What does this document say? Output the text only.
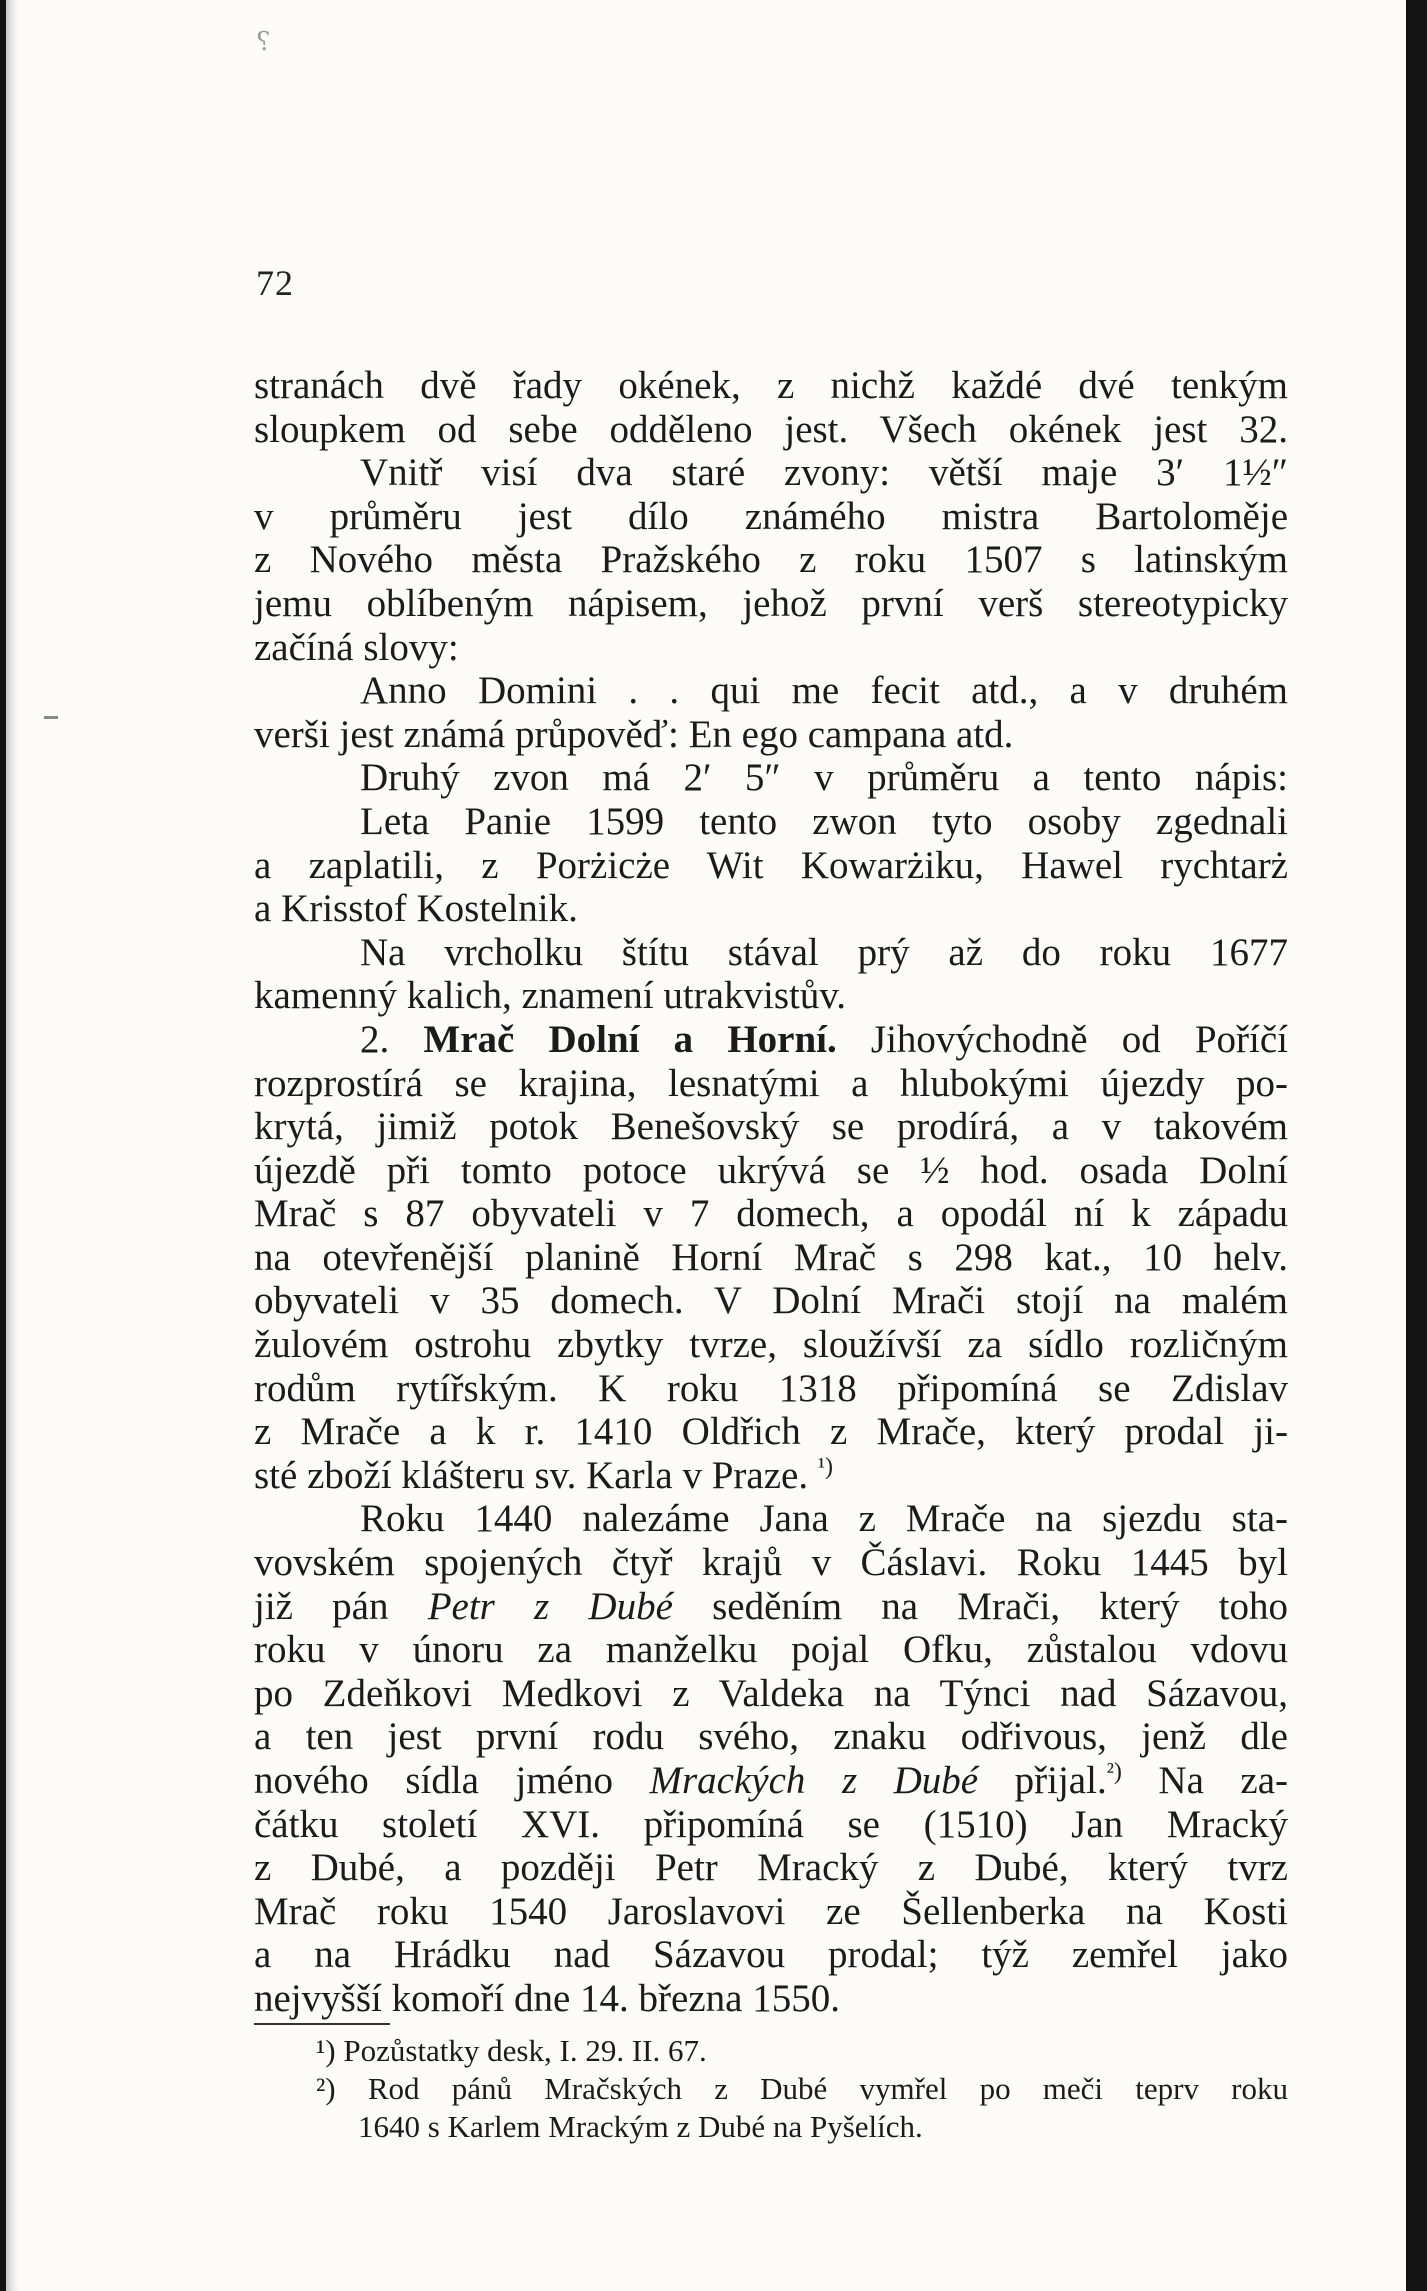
⸮
72
stranách dvě řady okének, z nichž každé dvé tenkým
sloupkem od sebe odděleno jest. Všech okének jest 32.
Vnitř visí dva staré zvony: větší maje 3′ 1½″
v průměru jest dílo známého mistra Bartoloměje
z Nového města Pražského z roku 1507 s latinským
jemu oblíbeným nápisem, jehož první verš stereotypicky
začíná slovy:
Anno Domini . . qui me fecit atd., a v druhém
verši jest známá průpověď: En ego campana atd.
Druhý zvon má 2′ 5″ v průměru a tento nápis:
Leta Panie 1599 tento zwon tyto osoby zgednali
a zaplatili, z Porżicże Wit Kowarżiku, Hawel rychtarż
a Krisstof Kostelnik.
Na vrcholku štítu stával prý až do roku 1677
kamenný kalich, znamení utrakvistův.
2. Mrač Dolní a Horní. Jihovýchodně od Poříčí
rozprostírá se krajina, lesnatými a hlubokými újezdy po-
krytá, jimiž potok Benešovský se prodírá, a v takovém
újezdě při tomto potoce ukrývá se ½ hod. osada Dolní
Mrač s 87 obyvateli v 7 domech, a opodál ní k západu
na otevřenější planině Horní Mrač s 298 kat., 10 helv.
obyvateli v 35 domech. V Dolní Mrači stojí na malém
žulovém ostrohu zbytky tvrze, sloužívší za sídlo rozličným
rodům rytířským. K roku 1318 připomíná se Zdislav
z Mrače a k r. 1410 Oldřich z Mrače, který prodal ji-
sté zboží klášteru sv. Karla v Praze. $^{^1)}$
Roku 1440 nalezáme Jana z Mrače na sjezdu sta-
vovském spojených čtyř krajů v Čáslavi. Roku 1445 byl
již pán Petr z Dubé seděním na Mrači, který toho
roku v únoru za manželku pojal Ofku, zůstalou vdovu
po Zdeňkovi Medkovi z Valdeka na Týnci nad Sázavou,
a ten jest první rodu svého, znaku odřivous, jenž dle
nového sídla jméno Mrackých z Dubé přijal.$^{^2)}$ Na za-
čátku století XVI. připomíná se (1510) Jan Mracký
z Dubé, a později Petr Mracký z Dubé, který tvrz
Mrač roku 1540 Jaroslavovi ze Šellenberka na Kosti
a na Hrádku nad Sázavou prodal; týž zemřel jako
nejvyšší komoří dne 14. března 1550.
¹) Pozůstatky desk, I. 29. II. 67.
²) Rod pánů Mračských z Dubé vymřel po meči teprv roku
1640 s Karlem Mrackým z Dubé na Pyšelích.
